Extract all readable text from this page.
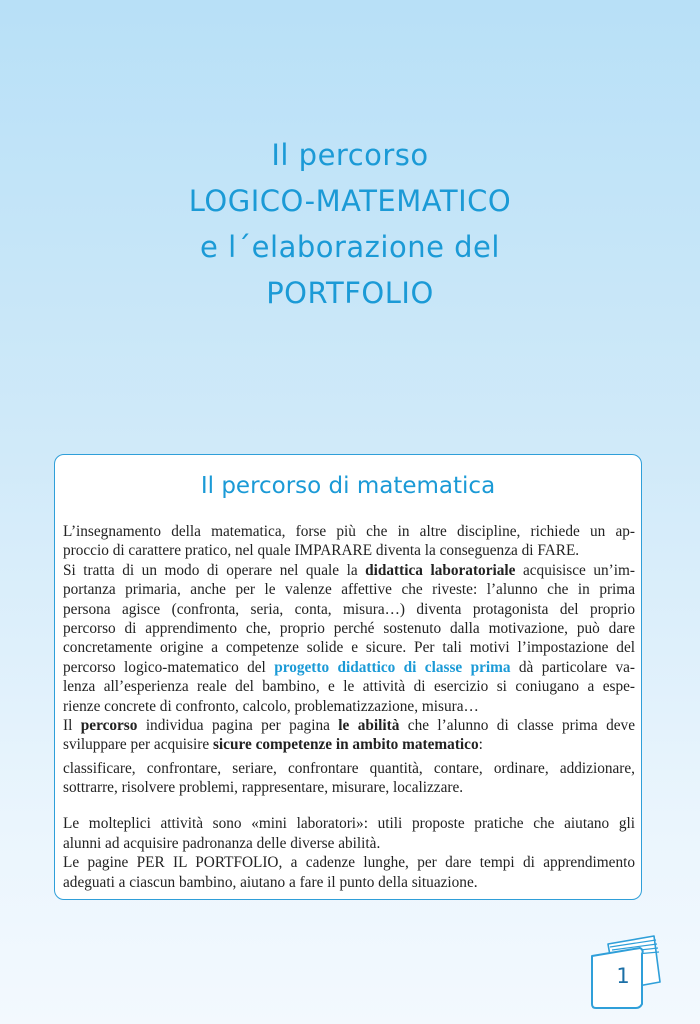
Il percorso
LOGICO-MATEMATICO
e l´elaborazione del
PORTFOLIO
Il percorso di matematica
L’insegnamento della matematica, forse più che in altre discipline, richiede un ap-
proccio di carattere pratico, nel quale IMPARARE diventa la conseguenza di FARE.
Si tratta di un modo di operare nel quale la didattica laboratoriale acquisisce un’im-
portanza primaria, anche per le valenze affettive che riveste: l’alunno che in prima
persona agisce (confronta, seria, conta, misura…) diventa protagonista del proprio
percorso di apprendimento che, proprio perché sostenuto dalla motivazione, può dare
concretamente origine a competenze solide e sicure. Per tali motivi l’impostazione del
percorso logico-matematico del progetto didattico di classe prima dà particolare va-
lenza all’esperienza reale del bambino, e le attività di esercizio si coniugano a espe-
rienze concrete di confronto, calcolo, problematizzazione, misura…
Il percorso individua pagina per pagina le abilità che l’alunno di classe prima deve
sviluppare per acquisire sicure competenze in ambito matematico:
classificare, confrontare, seriare, confrontare quantità, contare, ordinare, addizionare,
sottrarre, risolvere problemi, rappresentare, misurare, localizzare.
Le molteplici attività sono «mini laboratori»: utili proposte pratiche che aiutano gli
alunni ad acquisire padronanza delle diverse abilità.
Le pagine PER IL PORTFOLIO, a cadenze lunghe, per dare tempi di apprendimento
adeguati a ciascun bambino, aiutano a fare il punto della situazione.
1
